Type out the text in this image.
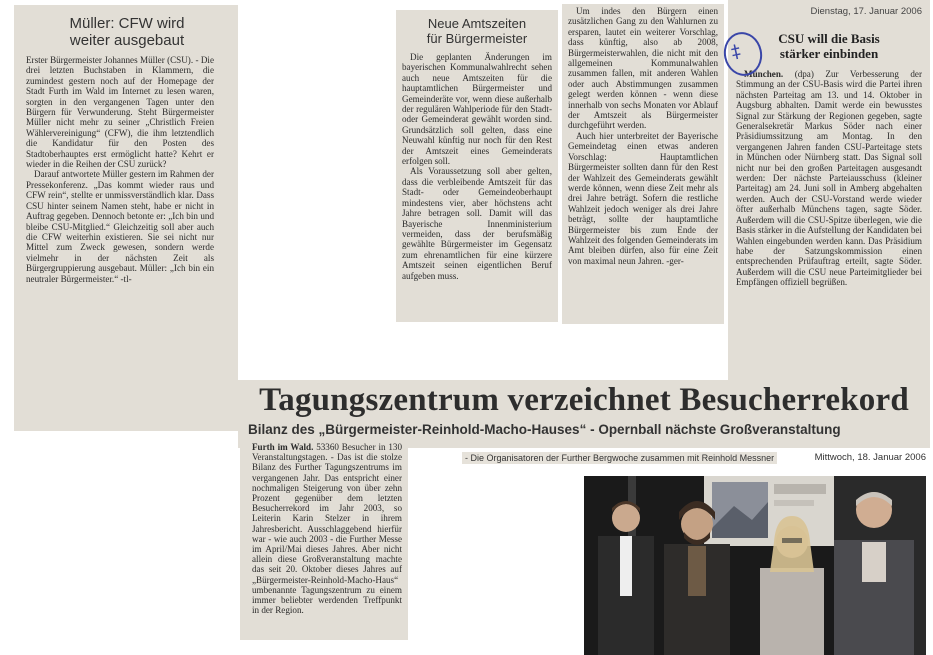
Müller: CFW wird
weiter ausgebaut

Erster Bürgermeister Johannes Müller (CSU). - Die drei letzten Buchstaben in Klammern, die zumindest gestern noch auf der Homepage der Stadt Furth im Wald im Internet zu lesen waren, sorgten in den vergangenen Tagen unter den Bürgern für Verwunderung. Steht Bürgermeister Müller nicht mehr zu seiner „Christlich Freien Wählervereinigung“ (CFW), die ihm letztendlich die Kandidatur für den Posten des Stadtoberhauptes erst ermöglicht hatte? Kehrt er wieder in die Reihen der CSU zurück?

Darauf antwortete Müller gestern im Rahmen der Pressekonferenz. „Das kommt wieder raus und CFW rein“, stellte er unmissverständlich klar. Dass CSU hinter seinem Namen steht, habe er nicht in Auftrag gegeben. Dennoch betonte er: „Ich bin und bleibe CSU-Mitglied.“ Gleichzeitig soll aber auch die CFW weiterhin existieren. Sie sei nicht nur Mittel zum Zweck gewesen, sondern werde vielmehr in der nächsten Zeit als Bürgergruppierung ausgebaut. Müller: „Ich bin ein neutraler Bürgermeister.“ -tl-

Neue Amtszeiten
für Bürgermeister

Die geplanten Änderungen im bayerischen Kommunalwahlrecht sehen auch neue Amtszeiten für die hauptamtlichen Bürgermeister und Gemeinderäte vor, wenn diese außerhalb der regulären Wahlperiode für den Stadt- oder Gemeinderat gewählt worden sind. Grundsätzlich soll gelten, dass eine Neuwahl künftig nur noch für den Rest der Amtszeit eines Gemeinderats erfolgen soll.

Als Voraussetzung soll aber gelten, dass die verbleibende Amtszeit für das Stadt- oder Gemeindeoberhaupt mindestens vier, aber höchstens acht Jahre betragen soll. Damit will das Bayerische Innenministerium vermeiden, dass der berufsmäßig gewählte Bürgermeister im Gegensatz zum ehrenamtlichen für eine kürzere Amtszeit seinen eigentlichen Beruf aufgeben muss.

Um indes den Bürgern einen zusätzlichen Gang zu den Wahlurnen zu ersparen, lautet ein weiterer Vorschlag, dass künftig, also ab 2008, Bürgermeisterwahlen, die nicht mit den allgemeinen Kommunalwahlen zusammen fallen, mit anderen Wahlen oder auch Abstimmungen zusammen gelegt werden können - wenn diese innerhalb von sechs Monaten vor Ablauf der Amtszeit als Bürgermeister durchgeführt werden.

Auch hier unterbreitet der Bayerische Gemeindetag einen etwas anderen Vorschlag: Hauptamtlichen Bürgermeister sollten dann für den Rest der Wahlzeit des Gemeinderats gewählt werde können, wenn diese Zeit mehr als drei Jahre beträgt. Sofern die restliche Wahlzeit jedoch weniger als drei Jahre beträgt, sollte der hauptamtliche Bürgermeister bis zum Ende der Wahlzeit des folgenden Gemeinderats im Amt bleiben dürfen, also für eine Zeit von maximal neun Jahren. -ger-

Dienstag, 17. Januar 2006
CSU will die Basis
stärker einbinden

München. (dpa) Zur Verbesserung der Stimmung an der CSU-Basis wird die Partei ihren nächsten Parteitag am 13. und 14. Oktober in Augsburg abhalten. Damit werde ein bewusstes Signal zur Stärkung der Regionen gegeben, sagte Generalsekretär Markus Söder nach einer Präsidiumssitzung am Montag. In den vergangenen Jahren fanden CSU-Parteitage stets in München oder Nürnberg statt. Das Signal soll nicht nur bei den großen Parteitagen ausgesandt werden: Der nächste Parteiausschuss (kleiner Parteitag) am 24. Juni soll in Amberg abgehalten werden. Auch der CSU-Vorstand werde wieder öfter außerhalb Münchens tagen, sagte Söder. Außerdem will die CSU-Spitze überlegen, wie die Basis stärker in die Aufstellung der Kandidaten bei Wahlen eingebunden werden kann. Das Präsidium habe der Satzungskommission einen entsprechenden Prüfauftrag erteilt, sagte Söder. Außerdem will die CSU neue Parteimitglieder bei Empfängen offiziell begrüßen.

‡
Tagungszentrum verzeichnet Besucherrekord
Bilanz des „Bürgermeister-Reinhold-Macho-Hauses“ - Opernball nächste Großveranstaltung

Furth im Wald. 53360 Besucher in 130 Veranstaltungstagen. - Das ist die stolze Bilanz des Further Tagungszentrums im vergangenen Jahr. Das entspricht einer nochmaligen Steigerung von über zehn Prozent gegenüber dem letzten Besucherrekord im Jahr 2003, so Leiterin Karin Stelzer in ihrem Jahresbericht. Ausschlaggebend hierfür war - wie auch 2003 - die Further Messe im April/Mai dieses Jahres. Aber nicht allein diese Großveranstaltung machte das seit 20. Oktober dieses Jahres auf „Bürgermeister-Reinhold-Macho-Haus“ umbenannte Tagungszentrum zu einem immer beliebter werdenden Treffpunkt in der Region.

- Die Organisatoren der Further Bergwoche zusammen mit Reinhold Messner	Mittwoch, 18. Januar 2006
